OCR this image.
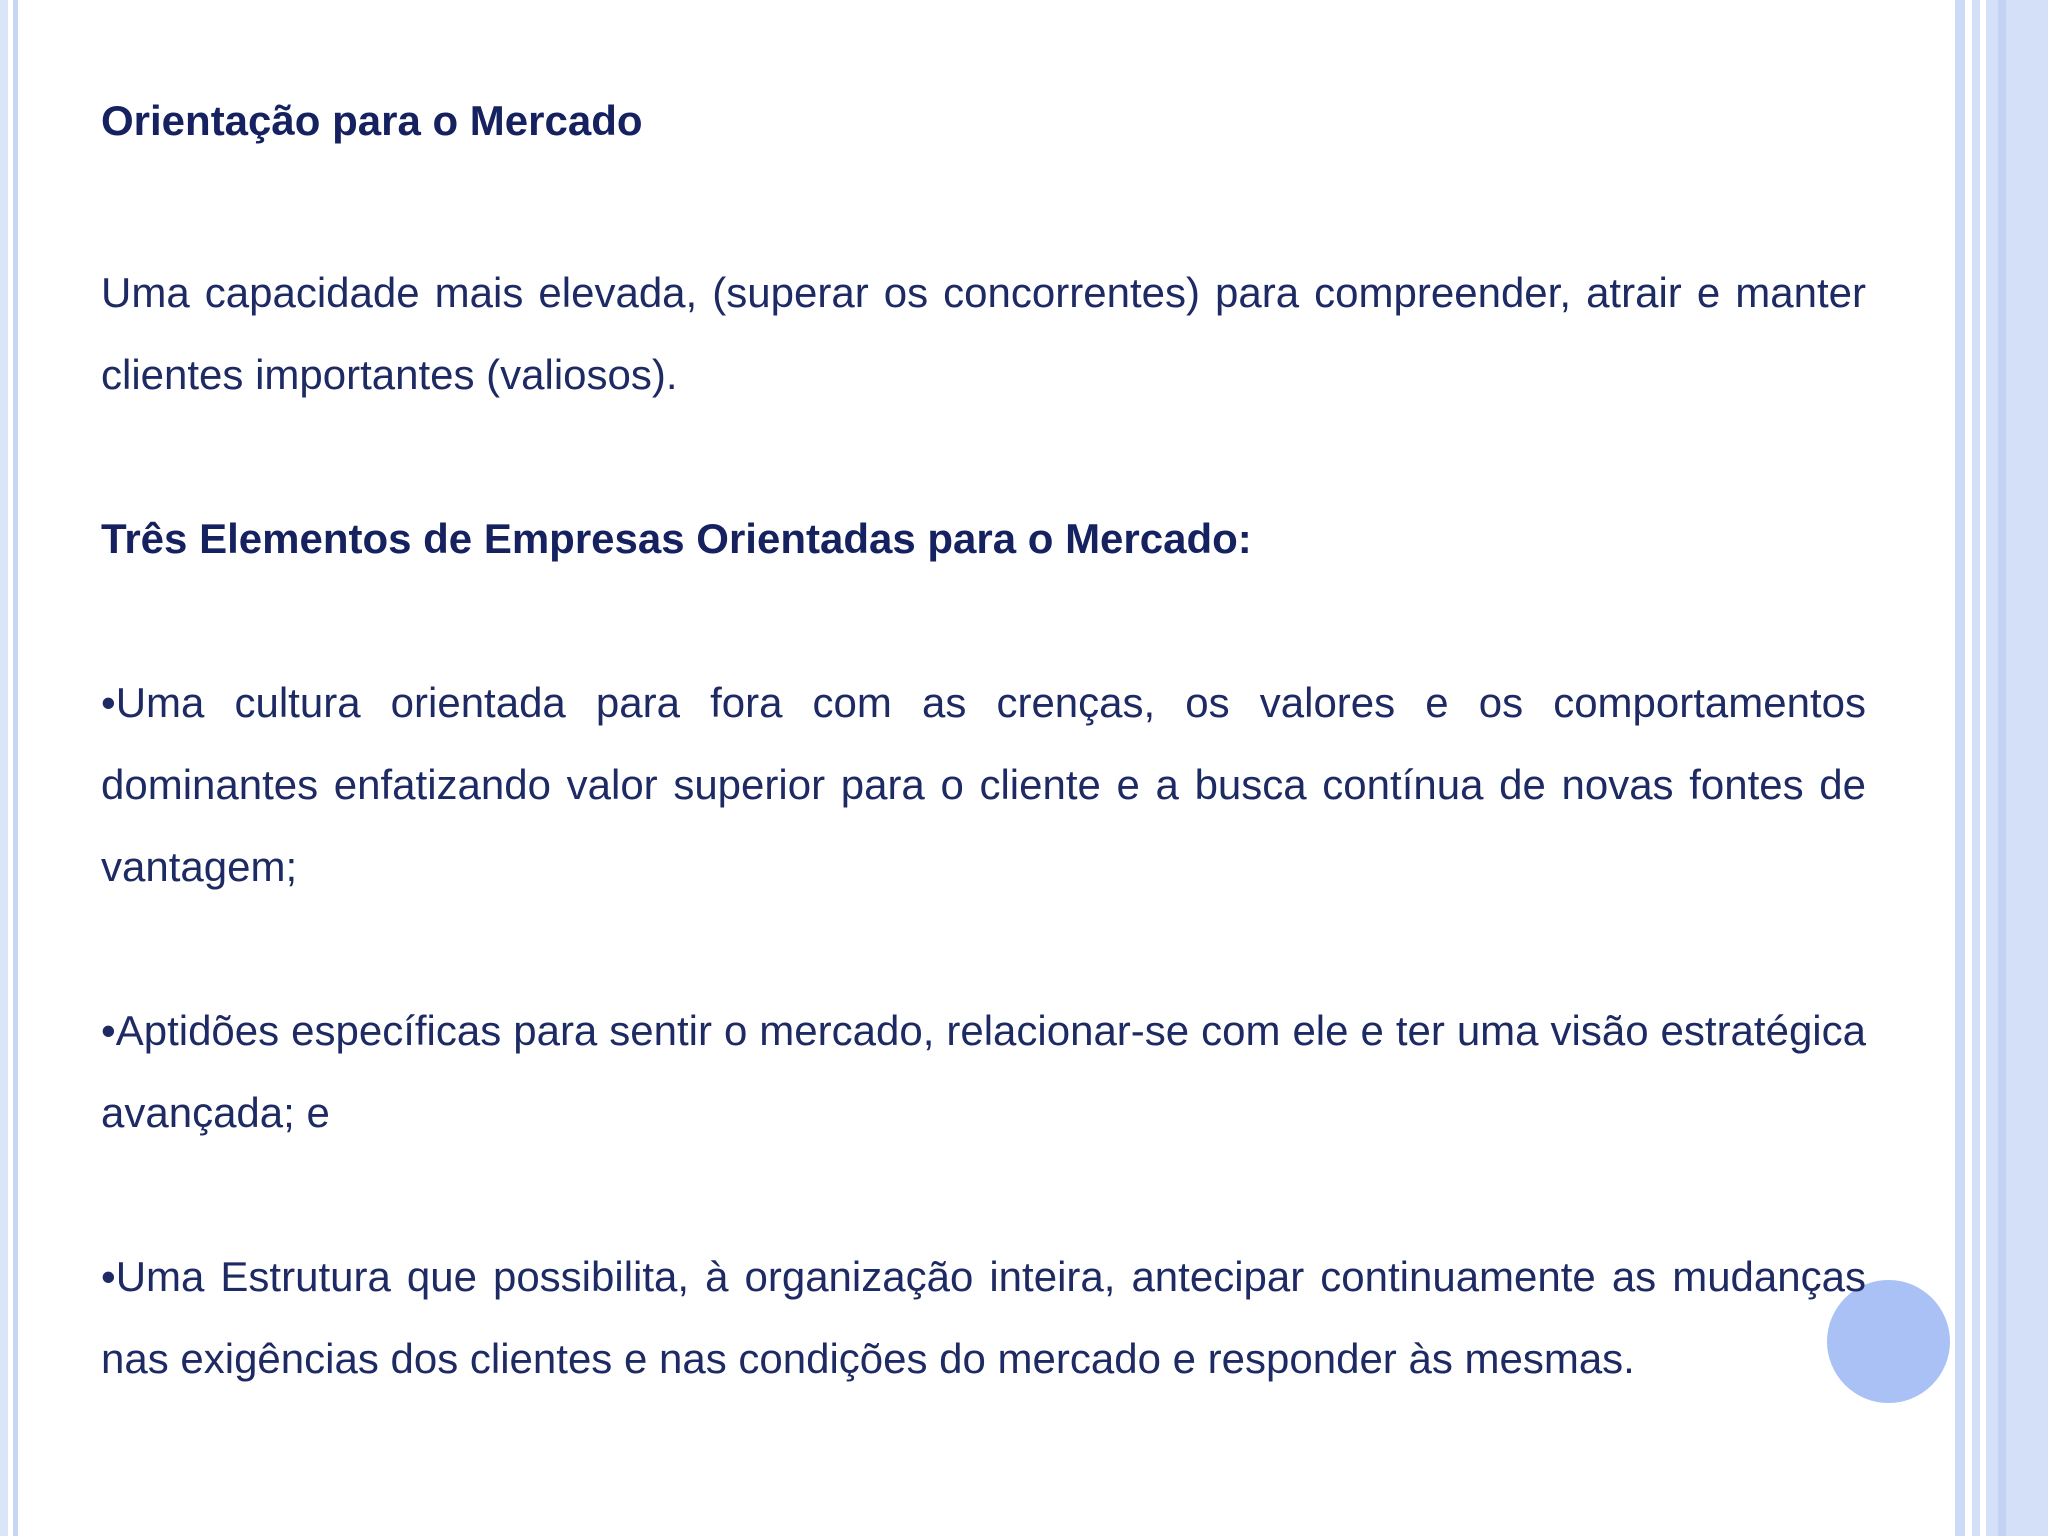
Orientação para o Mercado

Uma capacidade mais elevada, (superar os concorrentes) para compreender, atrair e manter clientes importantes (valiosos).

Três Elementos de Empresas Orientadas para o Mercado:

•Uma cultura orientada para fora com as crenças, os valores e os comportamentos dominantes enfatizando valor superior para o cliente e a busca contínua de novas fontes de vantagem;

•Aptidões específicas para sentir o mercado, relacionar-se com ele e ter uma visão estratégica avançada; e

•Uma Estrutura que possibilita, à organização inteira, antecipar continuamente as mudanças nas exigências dos clientes e nas condições do mercado e responder às mesmas.
